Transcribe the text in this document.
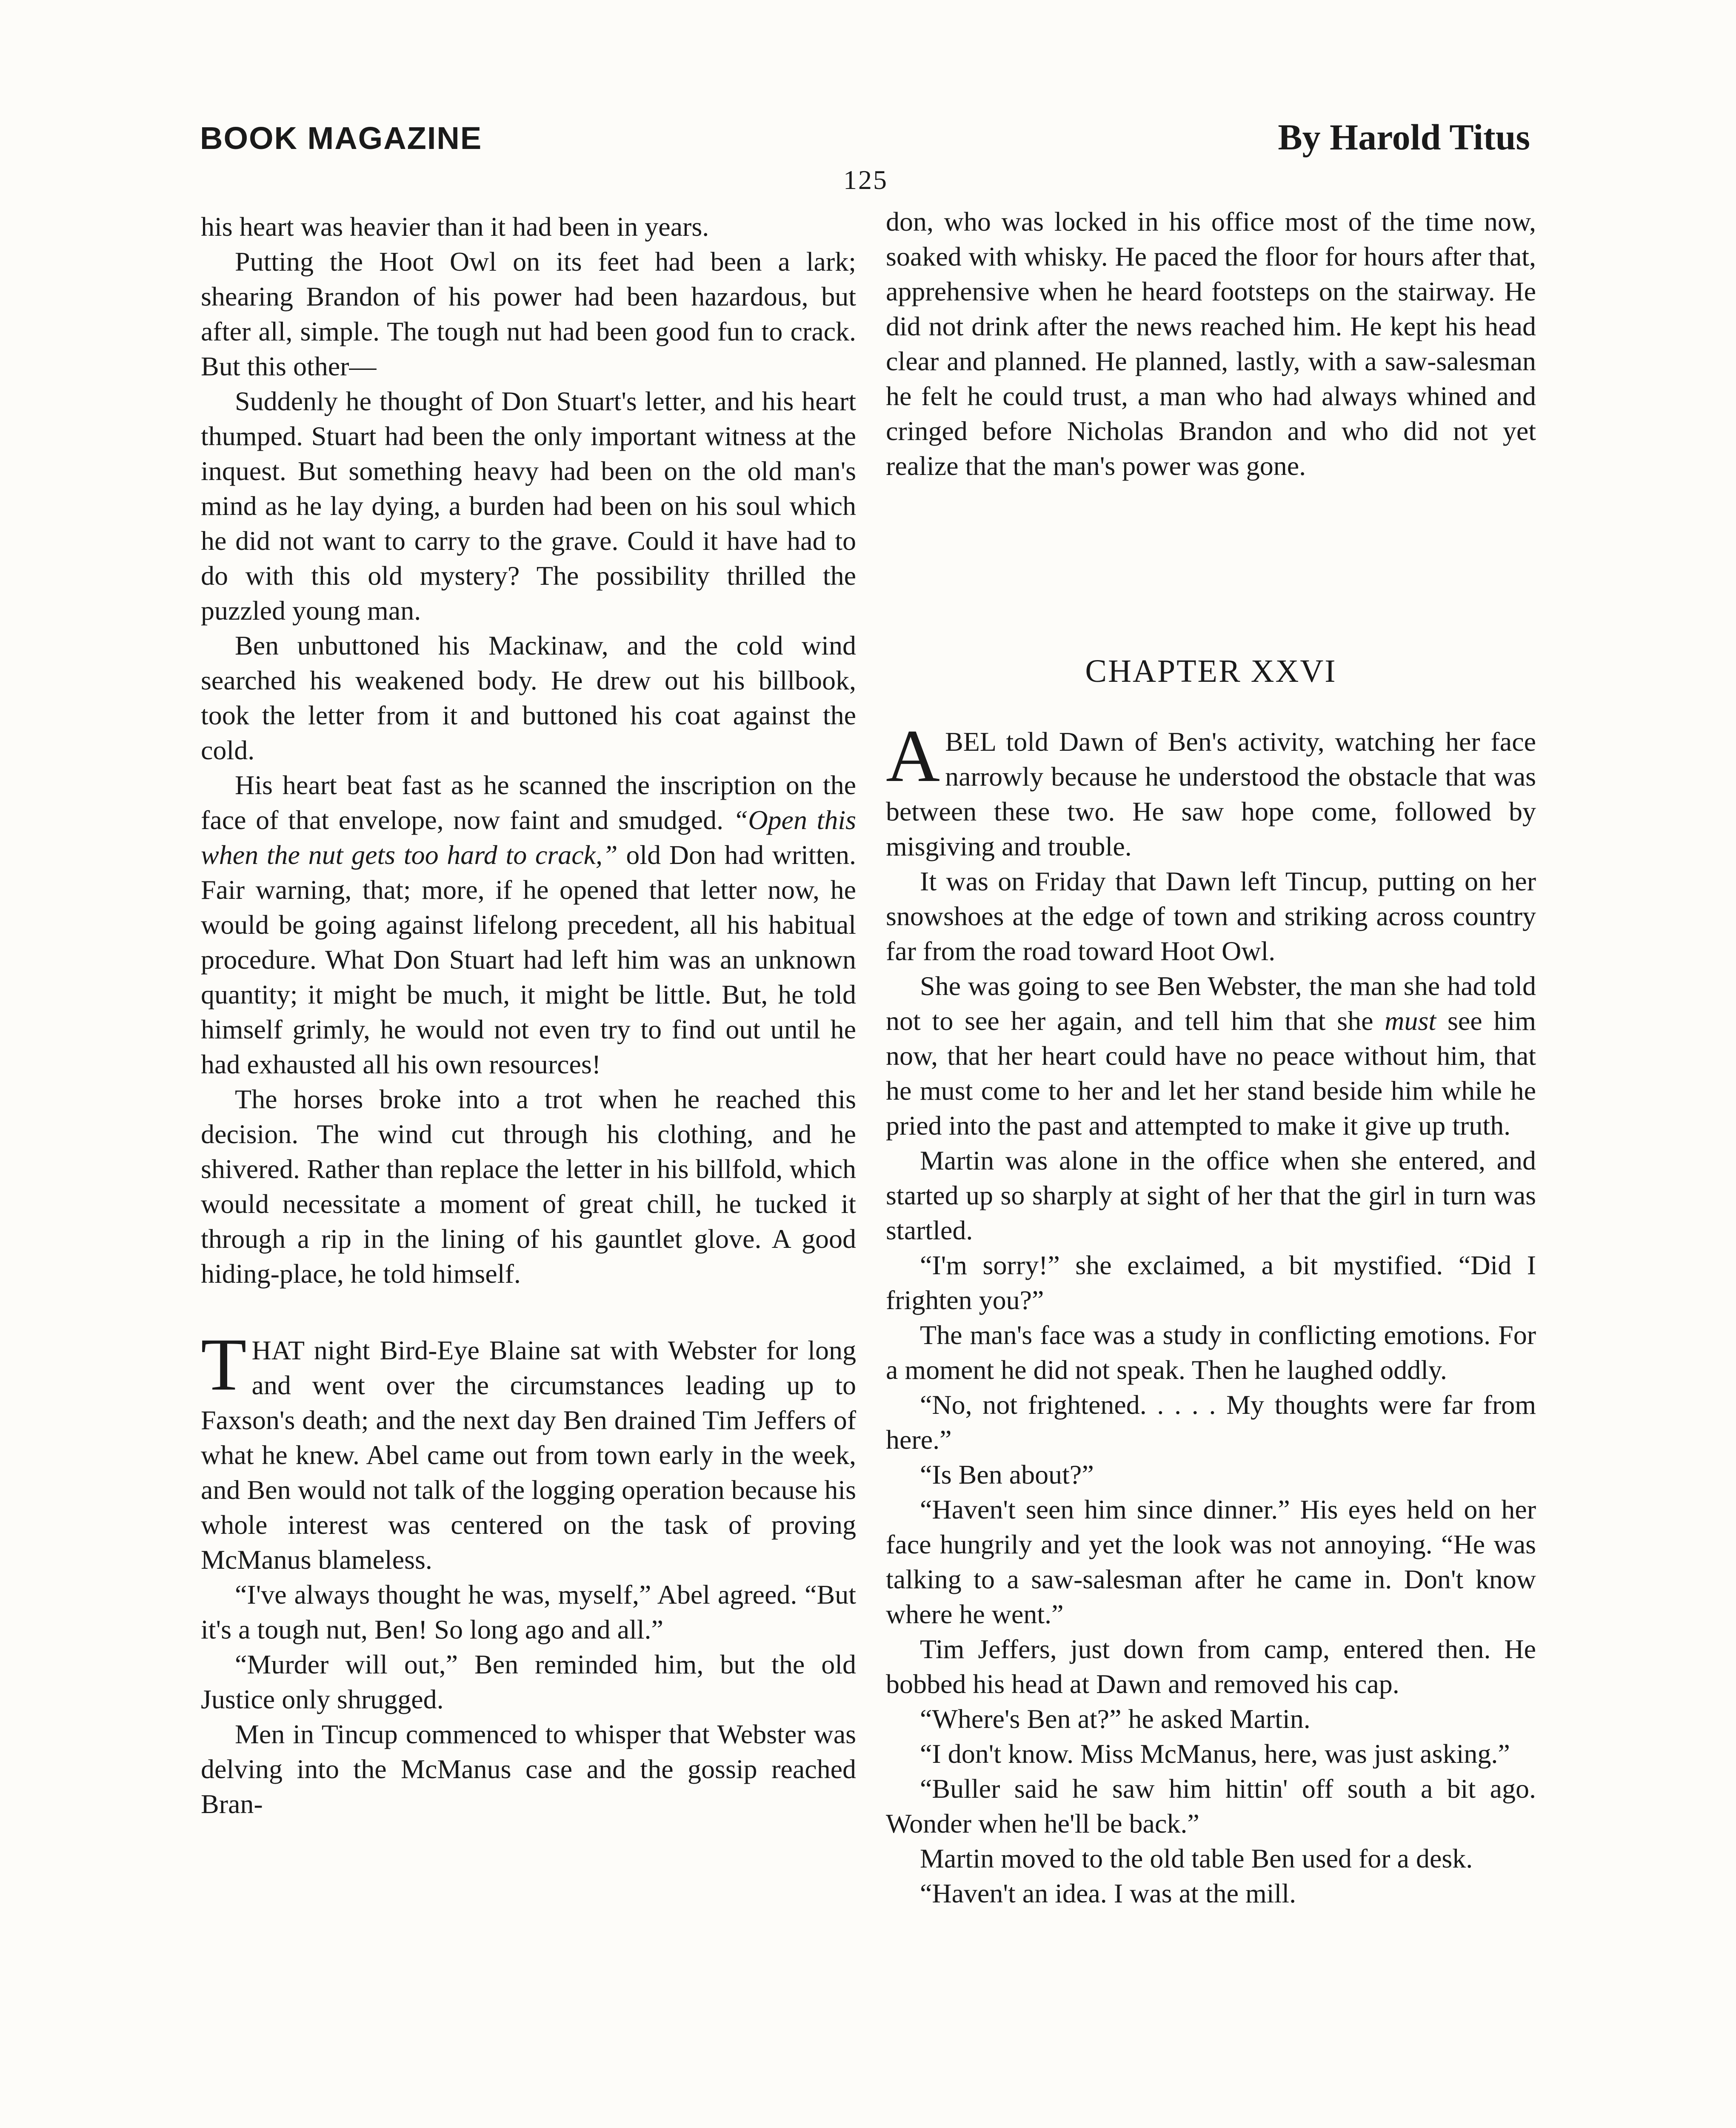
BOOK MAGAZINE	By Harold Titus
125

his heart was heavier than it had been in years.

Putting the Hoot Owl on its feet had been a lark; shearing Brandon of his power had been hazardous, but after all, simple. The tough nut had been good fun to crack. But this other—

Suddenly he thought of Don Stuart's letter, and his heart thumped. Stuart had been the only important witness at the inquest. But something heavy had been on the old man's mind as he lay dying, a burden had been on his soul which he did not want to carry to the grave. Could it have had to do with this old mystery? The possibility thrilled the puzzled young man.

Ben unbuttoned his Mackinaw, and the cold wind searched his weakened body. He drew out his billbook, took the letter from it and buttoned his coat against the cold.

His heart beat fast as he scanned the inscription on the face of that envelope, now faint and smudged. “Open this when the nut gets too hard to crack,” old Don had written. Fair warning, that; more, if he opened that letter now, he would be going against lifelong precedent, all his habitual procedure. What Don Stuart had left him was an unknown quantity; it might be much, it might be little. But, he told himself grimly, he would not even try to find out until he had exhausted all his own resources!

The horses broke into a trot when he reached this decision. The wind cut through his clothing, and he shivered. Rather than replace the letter in his billfold, which would necessitate a moment of great chill, he tucked it through a rip in the lining of his gauntlet glove. A good hiding-place, he told himself.

THAT night Bird-Eye Blaine sat with Webster for long and went over the circumstances leading up to Faxson's death; and the next day Ben drained Tim Jeffers of what he knew. Abel came out from town early in the week, and Ben would not talk of the logging operation because his whole interest was centered on the task of proving McManus blameless.

“I've always thought he was, myself,” Abel agreed. “But it's a tough nut, Ben! So long ago and all.”

“Murder will out,” Ben reminded him, but the old Justice only shrugged.

Men in Tincup commenced to whisper that Webster was delving into the McManus case and the gossip reached Bran-

don, who was locked in his office most of the time now, soaked with whisky. He paced the floor for hours after that, apprehensive when he heard footsteps on the stairway. He did not drink after the news reached him. He kept his head clear and planned. He planned, lastly, with a saw-salesman he felt he could trust, a man who had always whined and cringed before Nicholas Brandon and who did not yet realize that the man's power was gone.

CHAPTER XXVI

ABEL told Dawn of Ben's activity, watching her face narrowly because he understood the obstacle that was between these two. He saw hope come, followed by misgiving and trouble.

It was on Friday that Dawn left Tincup, putting on her snowshoes at the edge of town and striking across country far from the road toward Hoot Owl.

She was going to see Ben Webster, the man she had told not to see her again, and tell him that she must see him now, that her heart could have no peace without him, that he must come to her and let her stand beside him while he pried into the past and attempted to make it give up truth.

Martin was alone in the office when she entered, and started up so sharply at sight of her that the girl in turn was startled.

“I'm sorry!” she exclaimed, a bit mystified. “Did I frighten you?”

The man's face was a study in conflicting emotions. For a moment he did not speak. Then he laughed oddly.

“No, not frightened. . . . . My thoughts were far from here.”

“Is Ben about?”

“Haven't seen him since dinner.” His eyes held on her face hungrily and yet the look was not annoying. “He was talking to a saw-salesman after he came in. Don't know where he went.”

Tim Jeffers, just down from camp, entered then. He bobbed his head at Dawn and removed his cap.

“Where's Ben at?” he asked Martin.

“I don't know. Miss McManus, here, was just asking.”

“Buller said he saw him hittin' off south a bit ago. Wonder when he'll be back.”

Martin moved to the old table Ben used for a desk.

“Haven't an idea. I was at the mill.
